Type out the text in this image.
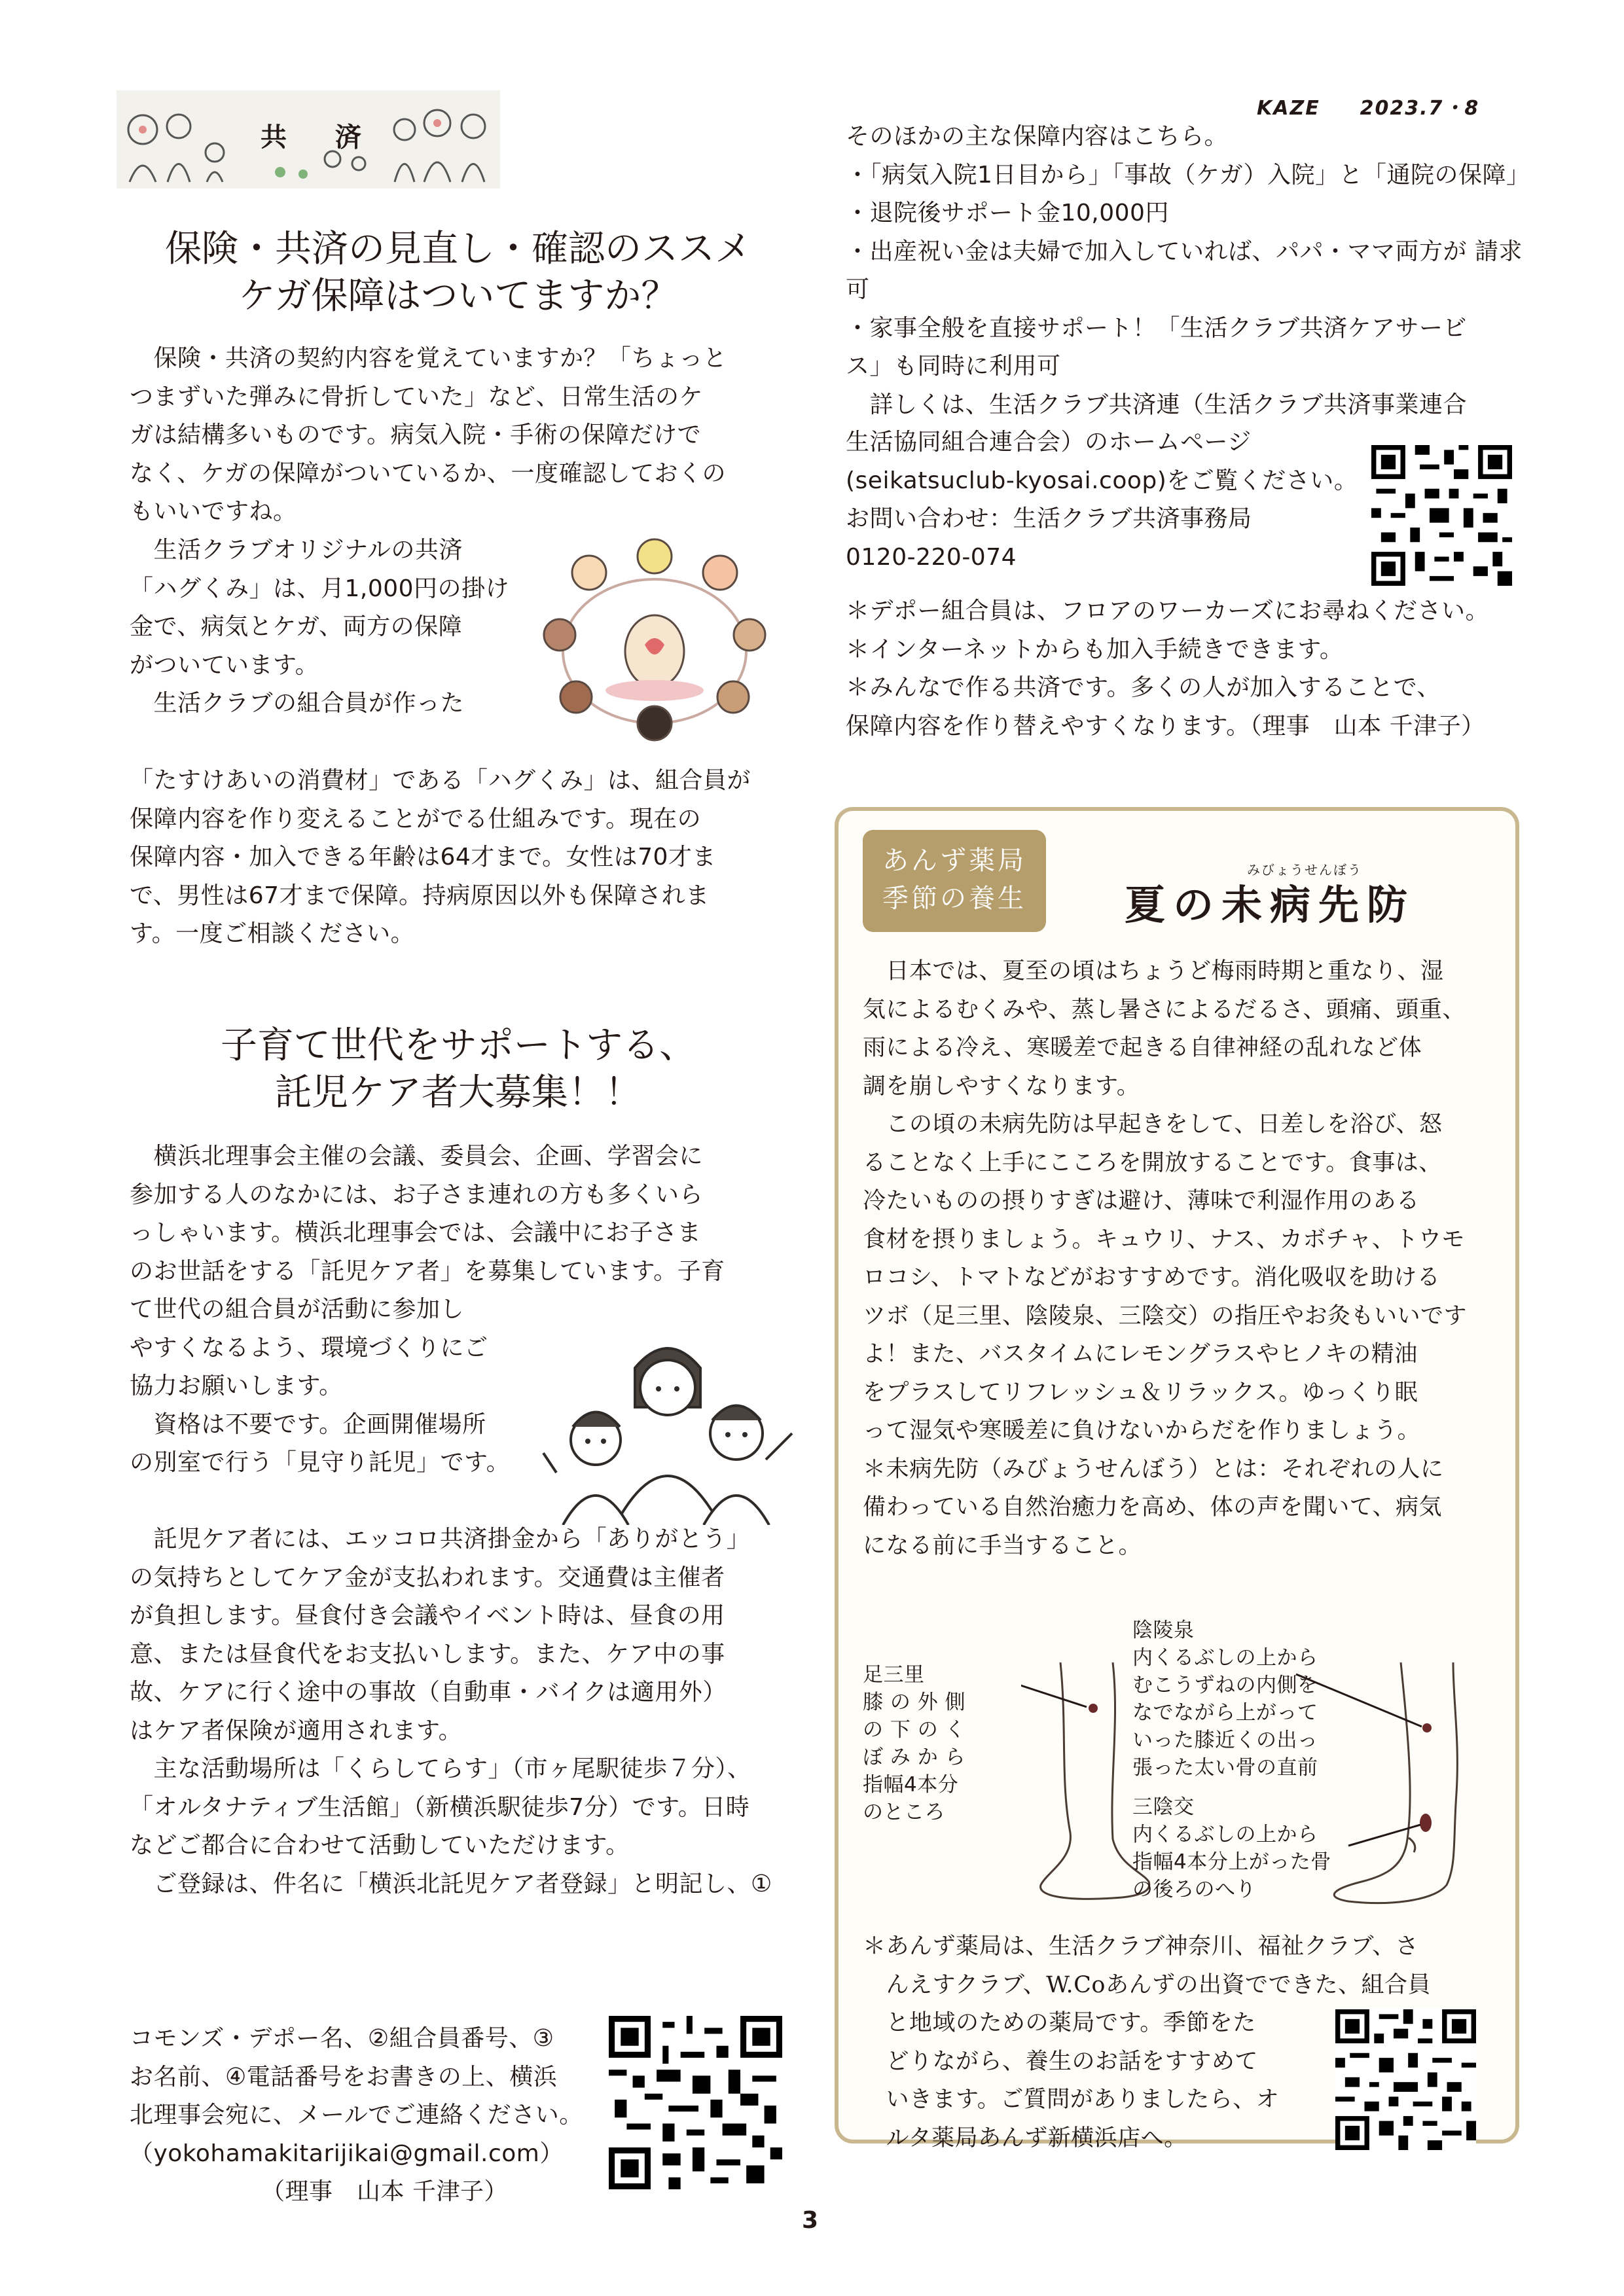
KAZE 2023.7・8
共 済
保険・共済の見直し・確認のススメ
ケガ保障はついてますか？
　保険・共済の契約内容を覚えていますか？「ちょっと
つまずいた弾みに骨折していた」など、日常生活のケ
ガは結構多いものです。病気入院・手術の保障だけで
なく、ケガの保障がついているか、一度確認しておくの
もいいですね。
　生活クラブオリジナルの共済
「ハグくみ」は、月1,000円の掛け
金で、病気とケガ、両方の保障
がついています。
　生活クラブの組合員が作った
「たすけあいの消費材」である「ハグくみ」は、組合員が
保障内容を作り変えることがでる仕組みです。現在の
保障内容・加入できる年齢は64才まで。女性は70才ま
で、男性は67才まで保障。持病原因以外も保障されま
す。一度ご相談ください。
子育て世代をサポートする、
託児ケア者大募集！！
　横浜北理事会主催の会議、委員会、企画、学習会に
参加する人のなかには、お子さま連れの方も多くいら
っしゃいます。横浜北理事会では、会議中にお子さま
のお世話をする「託児ケア者」を募集しています。子育
て世代の組合員が活動に参加し
やすくなるよう、環境づくりにご
協力お願いします。
　資格は不要です。企画開催場所
の別室で行う「見守り託児」です。
　託児ケア者には、エッコロ共済掛金から「ありがとう」
の気持ちとしてケア金が支払われます。交通費は主催者
が負担します。昼食付き会議やイベント時は、昼食の用
意、または昼食代をお支払いします。また、ケア中の事
故、ケアに行く途中の事故（自動車・バイクは適用外）
はケア者保険が適用されます。
　主な活動場所は「くらしてらす」（市ヶ尾駅徒歩７分）、
「オルタナティブ生活館」（新横浜駅徒歩7分）です。日時
などご都合に合わせて活動していただけます。
　ご登録は、件名に「横浜北託児ケア者登録」と明記し、①
コモンズ・デポー名、②組合員番号、③
お名前、④電話番号をお書きの上、横浜
北理事会宛に、メールでご連絡ください。
（yokohamakitarijikai@gmail.com）
　　　　　　（理事　山本 千津子）
そのほかの主な保障内容はこちら。
・「病気入院1日目から」「事故（ケガ）入院」と「通院の保障」
・退院後サポート金10,000円
・出産祝い金は夫婦で加入していれば、パパ・ママ両方が 請求可
・家事全般を直接サポート！「生活クラブ共済ケアサービ
ス」も同時に利用可
　詳しくは、生活クラブ共済連（生活クラブ共済事業連合
生活協同組合連合会）のホームページ
(seikatsuclub-kyosai.coop)をご覧ください。
お問い合わせ：生活クラブ共済事務局
0120-220-074
＊デポー組合員は、フロアのワーカーズにお尋ねください。
＊インターネットからも加入手続きできます。
＊みんなで作る共済です。多くの人が加入することで、
保障内容を作り替えやすくなります。（理事　山本 千津子）
あんず薬局
季節の養生
みびょうせんぼう
夏の未病先防
　日本では、夏至の頃はちょうど梅雨時期と重なり、湿
気によるむくみや、蒸し暑さによるだるさ、頭痛、頭重、
雨による冷え、寒暖差で起きる自律神経の乱れなど体
調を崩しやすくなります。
　この頃の未病先防は早起きをして、日差しを浴び、怒
ることなく上手にこころを開放することです。食事は、
冷たいものの摂りすぎは避け、薄味で利湿作用のある
食材を摂りましょう。キュウリ、ナス、カボチャ、トウモ
ロコシ、トマトなどがおすすめです。消化吸収を助ける
ツボ（足三里、陰陵泉、三陰交）の指圧やお灸もいいです
よ！また、バスタイムにレモングラスやヒノキの精油
をプラスしてリフレッシュ＆リラックス。ゆっくり眠
って湿気や寒暖差に負けないからだを作りましょう。
＊未病先防（みびょうせんぼう）とは：それぞれの人に
備わっている自然治癒力を高め、体の声を聞いて、病気
になる前に手当すること。
足三里
膝 の 外 側
の 下 の く
ぼ み か ら
指幅4本分
のところ
陰陵泉
内くるぶしの上から
むこうずねの内側を
なでながら上がって
いった膝近くの出っ
張った太い骨の直前
三陰交
内くるぶしの上から
指幅4本分上がった骨
の後ろのへり
＊あんず薬局は、生活クラブ神奈川、福祉クラブ、さ
　んえすクラブ、W.Coあんずの出資でできた、組合員
　と地域のための薬局です。季節をた
　どりながら、養生のお話をすすめて
　いきます。ご質問がありましたら、オ
　ルタ薬局あんず新横浜店へ。
3
